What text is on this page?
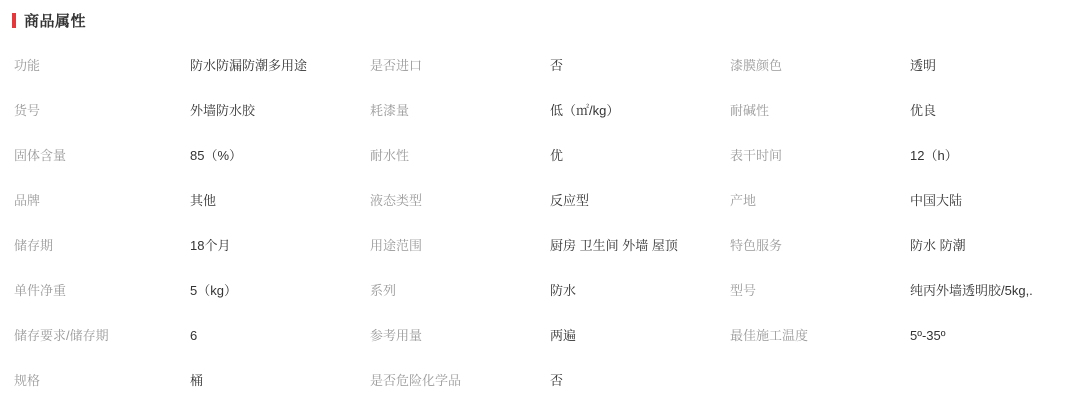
商品属性
功能	防水防漏防潮多用途	是否进口	否	漆膜颜色	透明
货号	外墙防水胶	耗漆量	低（㎡/kg）	耐碱性	优良
固体含量	85（%）	耐水性	优	表干时间	12（h）
品牌	其他	液态类型	反应型	产地	中国大陆
储存期	18个月	用途范围	厨房 卫生间 外墙 屋顶	特色服务	防水 防潮
单件净重	5（kg）	系列	防水	型号	纯丙外墙透明胶/5kg,.
储存要求/储存期	6	参考用量	两遍	最佳施工温度	5º-35º
规格	桶	是否危险化学品	否
